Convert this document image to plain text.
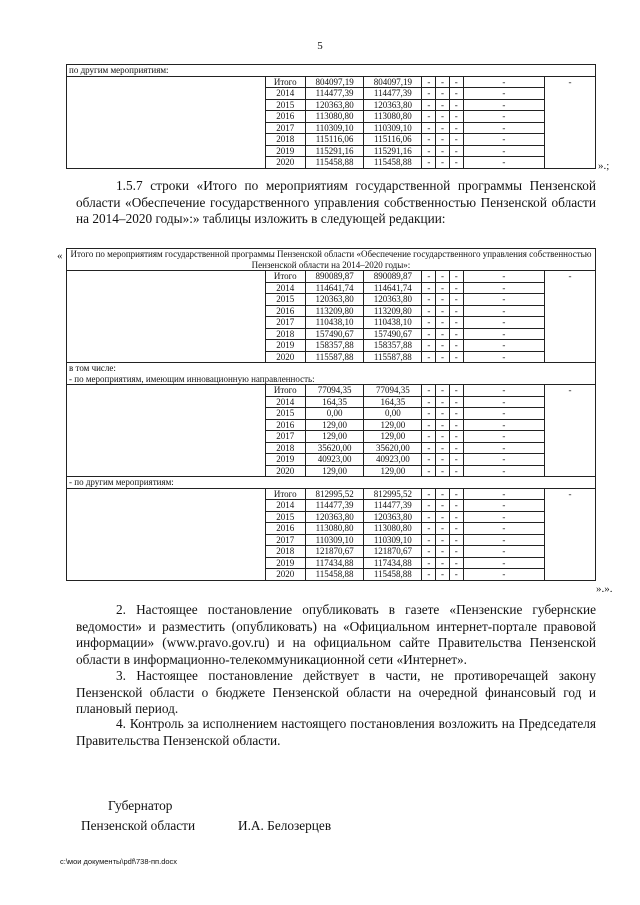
5
по другим мероприятиям:								
	Итого	804097,19	804097,19	-	-	-	-	-
	2014	114477,39	114477,39	-	-	-	-	
	2015	120363,80	120363,80	-	-	-	-	
	2016	113080,80	113080,80	-	-	-	-	
	2017	110309,10	110309,10	-	-	-	-	
	2018	115116,06	115116,06	-	-	-	-	
	2019	115291,16	115291,16	-	-	-	-	
	2020	115458,88	115458,88	-	-	-	-		».;
1.5.7 строки «Итого по мероприятиям государственной программы Пензенской области «Обеспечение государственного управления собственностью Пензенской области на 2014–2020 годы»:» таблицы изложить в следующей редакции:
« Итого по мероприятиям государственной программы Пензенской области «Обеспечение государственного управления собственностью Пензенской области на 2014–2020 годы»:								
	Итого	890089,87	890089,87	-	-	-	-	-
	2014	114641,74	114641,74	-	-	-	-	
	2015	120363,80	120363,80	-	-	-	-	
	2016	113209,80	113209,80	-	-	-	-	
	2017	110438,10	110438,10	-	-	-	-	
	2018	157490,67	157490,67	-	-	-	-	
	2019	158357,88	158357,88	-	-	-	-	
	2020	115587,88	115587,88	-	-	-	-	
в том числе:								
- по мероприятиям, имеющим инновационную направленность:								
	Итого	77094,35	77094,35	-	-	-	-	-
	2014	164,35	164,35	-	-	-	-	
	2015	0,00	0,00	-	-	-	-	
	2016	129,00	129,00	-	-	-	-	
	2017	129,00	129,00	-	-	-	-	
	2018	35620,00	35620,00	-	-	-	-	
	2019	40923,00	40923,00	-	-	-	-	
	2020	129,00	129,00	-	-	-	-	
- по другим мероприятиям:								
	Итого	812995,52	812995,52	-	-	-	-	-
	2014	114477,39	114477,39	-	-	-	-	
	2015	120363,80	120363,80	-	-	-	-	
	2016	113080,80	113080,80	-	-	-	-	
	2017	110309,10	110309,10	-	-	-	-	
	2018	121870,67	121870,67	-	-	-	-	
	2019	117434,88	117434,88	-	-	-	-	
	2020	115458,88	115458,88	-	-	-	-	
».».
2. Настоящее постановление опубликовать в газете «Пензенские губернские ведомости» и разместить (опубликовать) на «Официальном интернет-портале правовой информации» (www.pravo.gov.ru) и на официальном сайте Правительства Пензенской области в информационно-телекоммуникационной сети «Интернет».
3. Настоящее постановление действует в части, не противоречащей закону Пензенской области о бюджете Пензенской области на очередной финансовый год и плановый период.
4. Контроль за исполнением настоящего постановления возложить на Председателя Правительства Пензенской области.
Губернатор
Пензенской области	И.А. Белозерцев
c:\мои документы\pdf\738-пп.docx
